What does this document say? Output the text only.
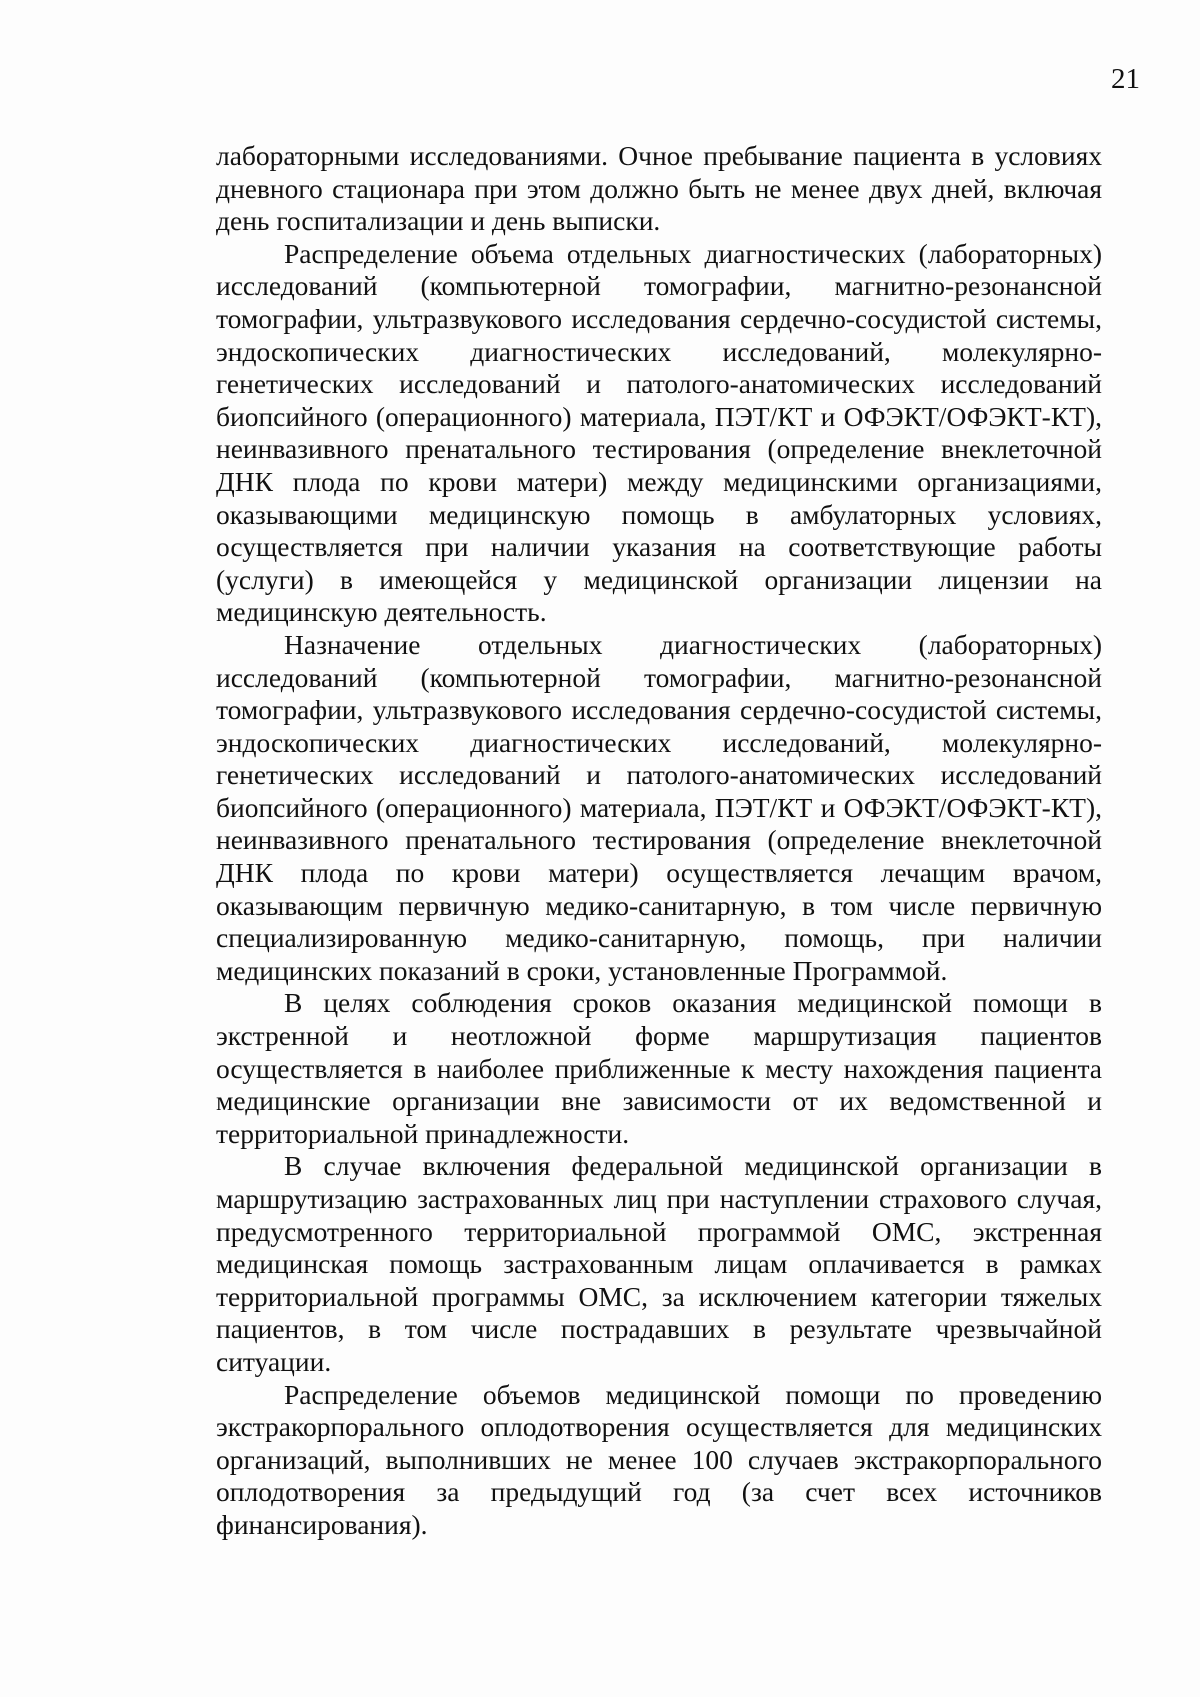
21

лабораторными исследованиями. Очное пребывание пациента в условиях дневного стационара при этом должно быть не менее двух дней, включая день госпитализации и день выписки.

Распределение объема отдельных диагностических (лабораторных) исследований (компьютерной томографии, магнитно-резонансной томографии, ультразвукового исследования сердечно-сосудистой системы, эндоскопических диагностических исследований, молекулярно-генетических исследований и патолого-анатомических исследований биопсийного (операционного) материала, ПЭТ/КТ и ОФЭКТ/ОФЭКТ-КТ), неинвазивного пренатального тестирования (определение внеклеточной ДНК плода по крови матери) между медицинскими организациями, оказывающими медицинскую помощь в амбулаторных условиях, осуществляется при наличии указания на соответствующие работы (услуги) в имеющейся у медицинской организации лицензии на медицинскую деятельность.

Назначение отдельных диагностических (лабораторных) исследований (компьютерной томографии, магнитно-резонансной томографии, ультразвукового исследования сердечно-сосудистой системы, эндоскопических диагностических исследований, молекулярно-генетических исследований и патолого-анатомических исследований биопсийного (операционного) материала, ПЭТ/КТ и ОФЭКТ/ОФЭКТ-КТ), неинвазивного пренатального тестирования (определение внеклеточной ДНК плода по крови матери) осуществляется лечащим врачом, оказывающим первичную медико-санитарную, в том числе первичную специализированную медико-санитарную, помощь, при наличии медицинских показаний в сроки, установленные Программой.

В целях соблюдения сроков оказания медицинской помощи в экстренной и неотложной форме маршрутизация пациентов осуществляется в наиболее приближенные к месту нахождения пациента медицинские организации вне зависимости от их ведомственной и территориальной принадлежности.

В случае включения федеральной медицинской организации в маршрутизацию застрахованных лиц при наступлении страхового случая, предусмотренного территориальной программой ОМС, экстренная медицинская помощь застрахованным лицам оплачивается в рамках территориальной программы ОМС, за исключением категории тяжелых пациентов, в том числе пострадавших в результате чрезвычайной ситуации.

Распределение объемов медицинской помощи по проведению экстракорпорального оплодотворения осуществляется для медицинских организаций, выполнивших не менее 100 случаев экстракорпорального оплодотворения за предыдущий год (за счет всех источников финансирования).
